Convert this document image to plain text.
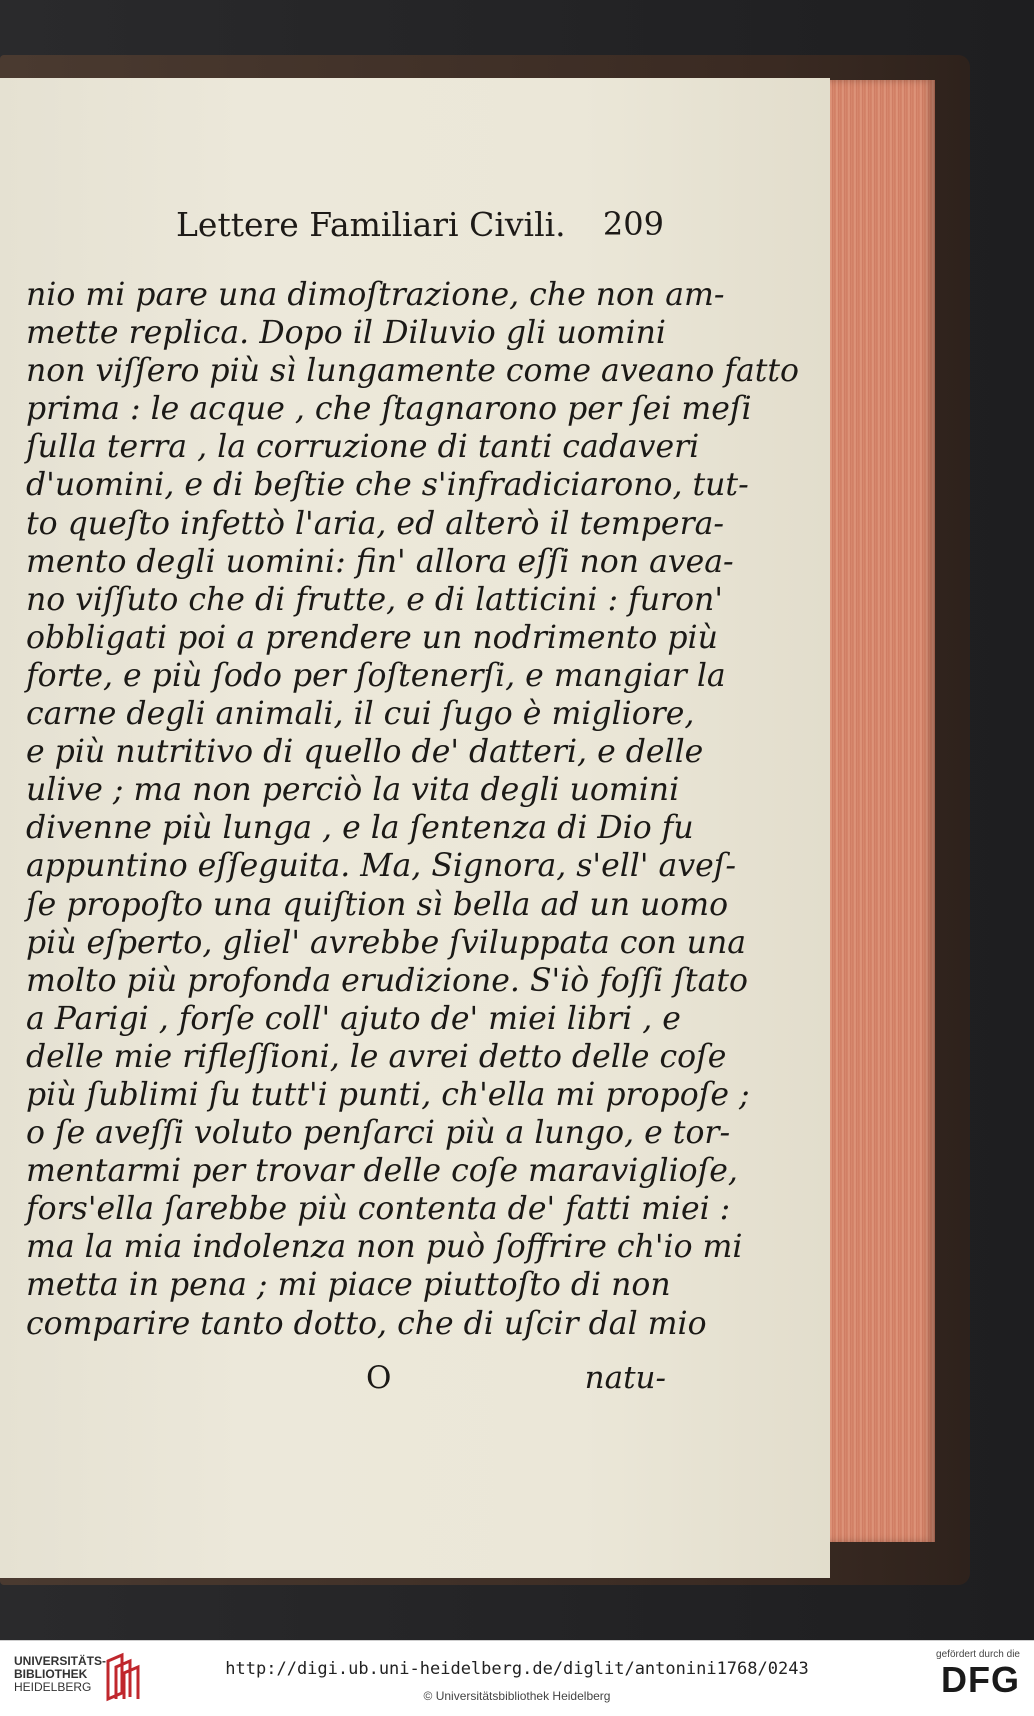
Lettere Familiari Civili. 209
nio mi pare una dimoſtrazione, che non am-
mette replica. Dopo il Diluvio gli uomini
non viſſero più sì lungamente come aveano fatto
prima : le acque , che ſtagnarono per ſei meſi
ſulla terra , la corruzione di tanti cadaveri
d'uomini, e di beſtie che s'infradiciarono, tut-
to queſto infettò l'aria, ed alterò il tempera-
mento degli uomini: fin' allora eſſi non avea-
no viſſuto che di frutte, e di latticini : furon'
obbligati poi a prendere un nodrimento più
forte, e più ſodo per ſoſtenerſi, e mangiar la
carne degli animali, il cui ſugo è migliore,
e più nutritivo di quello de' datteri, e delle
ulive ; ma non perciò la vita degli uomini
divenne più lunga , e la ſentenza di Dio fu
appuntino eſſeguita. Ma, Signora, s'ell' aveſ-
ſe propoſto una quiſtion sì bella ad un uomo
più eſperto, gliel' avrebbe ſviluppata con una
molto più profonda erudizione. S'iò foſſi ſtato
a Parigi , forſe coll' ajuto de' miei libri , e
delle mie rifleſſioni, le avrei detto delle coſe
più ſublimi ſu tutt'i punti, ch'ella mi propoſe ;
o ſe aveſſi voluto penſarci più a lungo, e tor-
mentarmi per trovar delle coſe maraviglioſe,
fors'ella ſarebbe più contenta de' fatti miei :
ma la mia indolenza non può ſoffrire ch'io mi
metta in pena ; mi piace piuttoſto di non
comparire tanto dotto, che di uſcir dal mio
O	natu-
UNIVERSITÄTS-
BIBLIOTHEK
HEIDELBERG
http://digi.ub.uni-heidelberg.de/diglit/antonini1768/0243
© Universitätsbibliothek Heidelberg
gefördert durch die
DFG
